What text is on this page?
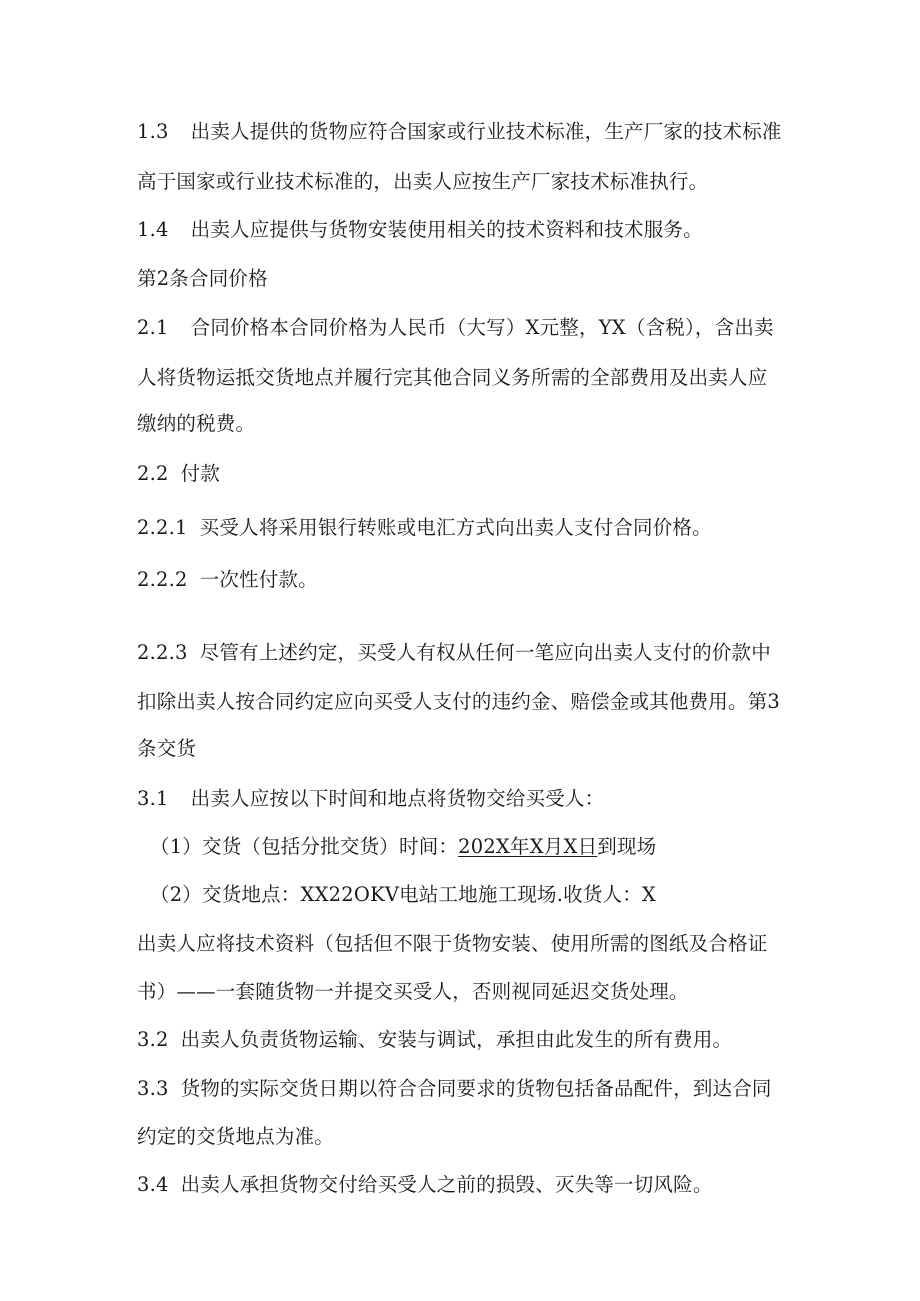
1.3 出卖人提供的货物应符合国家或行业技术标准，生产厂家的技术标准
高于国家或行业技术标准的，出卖人应按生产厂家技术标准执行。
1.4 出卖人应提供与货物安装使用相关的技术资料和技术服务。
第2条合同价格
2.1 合同价格本合同价格为人民币（大写）X元整，YX（含税），含出卖
人将货物运抵交货地点并履行完其他合同义务所需的全部费用及出卖人应
缴纳的税费。
2.2 付款
2.2.1 买受人将采用银行转账或电汇方式向出卖人支付合同价格。
2.2.2 一次性付款。
2.2.3 尽管有上述约定，买受人有权从任何一笔应向出卖人支付的价款中
扣除出卖人按合同约定应向买受人支付的违约金、赔偿金或其他费用。第3
条交货
3.1 出卖人应按以下时间和地点将货物交给买受人：
（1）交货（包括分批交货）时间：202X年X月X日到现场
（2）交货地点：XX22OKV电站工地施工现场.收货人：X
出卖人应将技术资料（包括但不限于货物安装、使用所需的图纸及合格证
书）——一套随货物一并提交买受人，否则视同延迟交货处理。
3.2 出卖人负责货物运输、安装与调试，承担由此发生的所有费用。
3.3 货物的实际交货日期以符合合同要求的货物包括备品配件，到达合同
约定的交货地点为准。
3.4 出卖人承担货物交付给买受人之前的损毁、灭失等一切风险。
